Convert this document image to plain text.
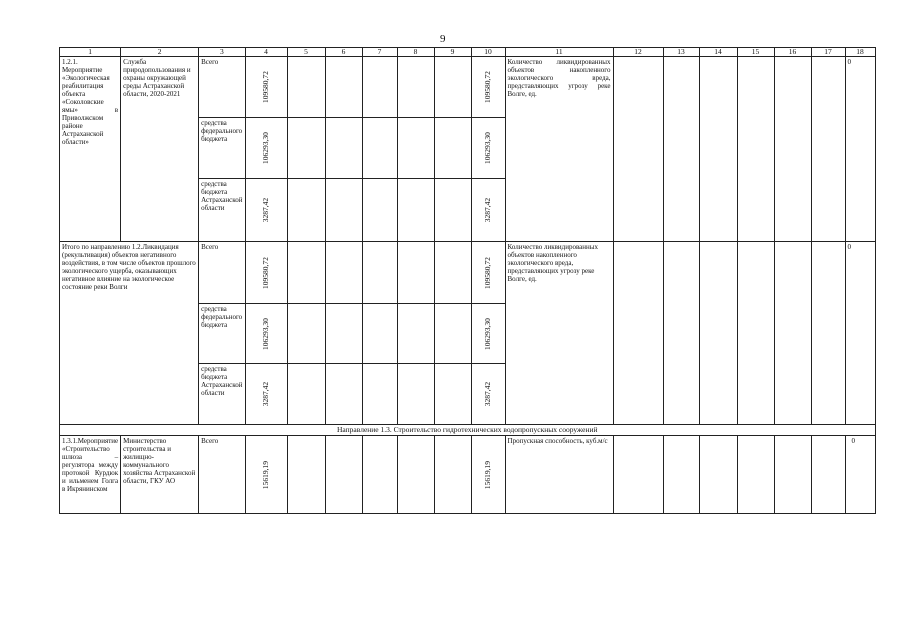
9
1	2	3	4	5	6	7	8	9	10	11	12	13	14	15	16	17	18
1.2.1. Мероприятие «Экологическая реабилитация объекта «Соколовские ямы» в Приволжском районе Астраханской области»	Служба природопользования и охраны окружающей среды Астраханской области, 2020-2021	Всего	109580,72						109580,72	Количество ликвидированных объектов накопленного экологического вреда, представляющих угрозу реке Волге, ед.							0
		средства федерального бюджета	106293,30						106293,30								

		средства бюджета Астраханской области	3287,42						3287,42								

Итого по направлению 1.2.Ликвидация (рекультивация) объектов негативного воздействия, в том числе объектов прошлого экологического ущерба, оказывающих негативное влияние на экологическое состояние реки Волги		Всего	109580,72						109580,72	Количество ликвидированных объектов накопленного экологического вреда, представляющих угрозу реке Волге, ед.							0
		средства федерального бюджета	106293,30						106293,30								

		средства бюджета Астраханской области	3287,42						3287,42								

Направление 1.3. Строительство гидротехнических водопропускных сооружений																	
1.3.1.Мероприятие «Строительство шлюза – регулятора между протокой Курдюк и ильменем Голга в Икрянинском	Министерство строительства и жилищно-коммунального хозяйства Астраханской области, ГКУ АО	Всего	15619,19						15619,19	Пропускная способность, куб.м/с							0
